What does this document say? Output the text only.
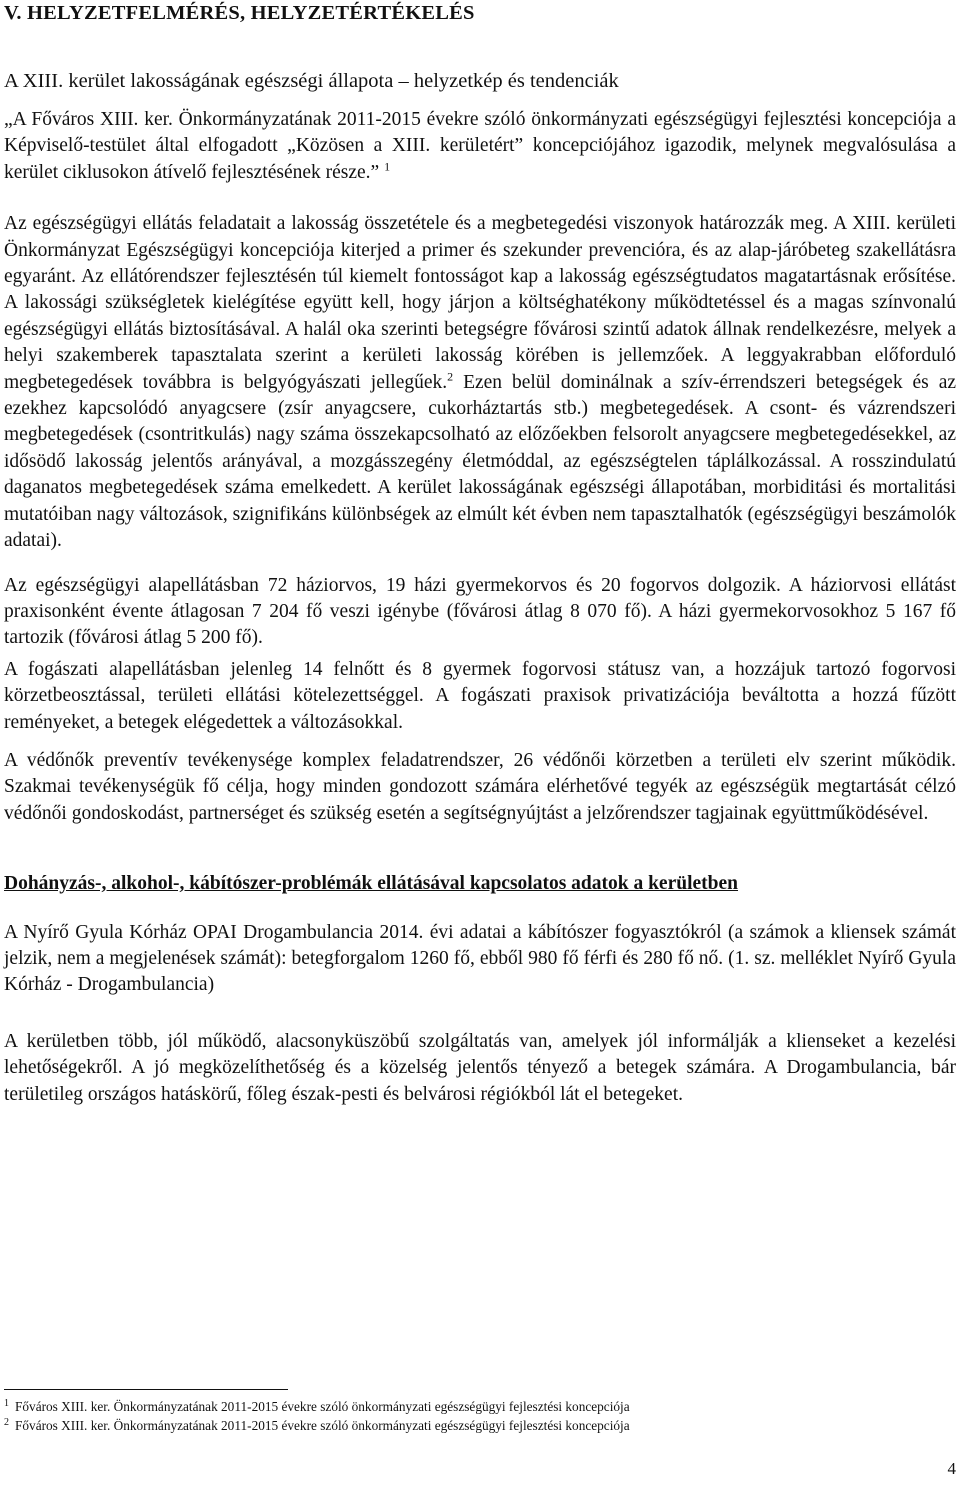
V. HELYZETFELMÉRÉS, HELYZETÉRTÉKELÉS
A XIII. kerület lakosságának egészségi állapota – helyzetkép és tendenciák

„A Főváros XIII. ker. Önkormányzatának 2011-2015 évekre szóló önkormányzati egészségügyi fejlesztési koncepciója a Képviselő-testület által elfogadott „Közösen a XIII. kerületért” koncepciójához igazodik, melynek megvalósulása a kerület ciklusokon átívelő fejlesztésének része.” $^1$

Az egészségügyi ellátás feladatait a lakosság összetétele és a megbetegedési viszonyok határozzák meg. A XIII. kerületi Önkormányzat Egészségügyi koncepciója kiterjed a primer és szekunder prevencióra, és az alap-járóbeteg szakellátásra egyaránt. Az ellátórendszer fejlesztésén túl kiemelt fontosságot kap a lakosság egészségtudatos magatartásnak erősítése. A lakossági szükségletek kielégítése együtt kell, hogy járjon a költséghatékony működtetéssel és a magas színvonalú egészségügyi ellátás biztosításával. A halál oka szerinti betegségre fővárosi szintű adatok állnak rendelkezésre, melyek a helyi szakemberek tapasztalata szerint a kerületi lakosság körében is jellemzőek. A leggyakrabban előforduló megbetegedések továbbra is belgyógyászati jellegűek.$^2$ Ezen belül dominálnak a szív-érrendszeri betegségek és az ezekhez kapcsolódó anyagcsere (zsír anyagcsere, cukorháztartás stb.) megbetegedések. A csont- és vázrendszeri megbetegedések (csontritkulás) nagy száma összekapcsolható az előzőekben felsorolt anyagcsere megbetegedésekkel, az idősödő lakosság jelentős arányával, a mozgásszegény életmóddal, az egészségtelen táplálkozással. A rosszindulatú daganatos megbetegedések száma emelkedett. A kerület lakosságának egészségi állapotában, morbiditási és mortalitási mutatóiban nagy változások, szignifikáns különbségek az elmúlt két évben nem tapasztalhatók (egészségügyi beszámolók adatai).

Az egészségügyi alapellátásban 72 háziorvos, 19 házi gyermekorvos és 20 fogorvos dolgozik. A háziorvosi ellátást praxisonként évente átlagosan 7 204 fő veszi igénybe (fővárosi átlag 8 070 fő). A házi gyermekorvosokhoz 5 167 fő tartozik (fővárosi átlag 5 200 fő).

A fogászati alapellátásban jelenleg 14 felnőtt és 8 gyermek fogorvosi státusz van, a hozzájuk tartozó fogorvosi körzetbeosztással, területi ellátási kötelezettséggel. A fogászati praxisok privatizációja beváltotta a hozzá fűzött reményeket, a betegek elégedettek a változásokkal.

A védőnők preventív tevékenysége komplex feladatrendszer, 26 védőnői körzetben a területi elv szerint működik. Szakmai tevékenységük fő célja, hogy minden gondozott számára elérhetővé tegyék az egészségük megtartását célzó védőnői gondoskodást, partnerséget és szükség esetén a segítségnyújtást a jelzőrendszer tagjainak együttműködésével.

Dohányzás-, alkohol-, kábítószer-problémák ellátásával kapcsolatos adatok a kerületben

A Nyírő Gyula Kórház OPAI Drogambulancia 2014. évi adatai a kábítószer fogyasztókról (a számok a kliensek számát jelzik, nem a megjelenések számát): betegforgalom 1260 fő, ebből 980 fő férfi és 280 fő nő. (1. sz. melléklet Nyírő Gyula Kórház - Drogambulancia)

A kerületben több, jól működő, alacsonyküszöbű szolgáltatás van, amelyek jól informálják a klienseket a kezelési lehetőségekről. A jó megközelíthetőség és a közelség jelentős tényező a betegek számára. A Drogambulancia, bár területileg országos hatáskörű, főleg észak-pesti és belvárosi régiókból lát el betegeket.

$^1$ Főváros XIII. ker. Önkormányzatának 2011-2015 évekre szóló önkormányzati egészségügyi fejlesztési koncepciója

$^2$ Főváros XIII. ker. Önkormányzatának 2011-2015 évekre szóló önkormányzati egészségügyi fejlesztési koncepciója

4
